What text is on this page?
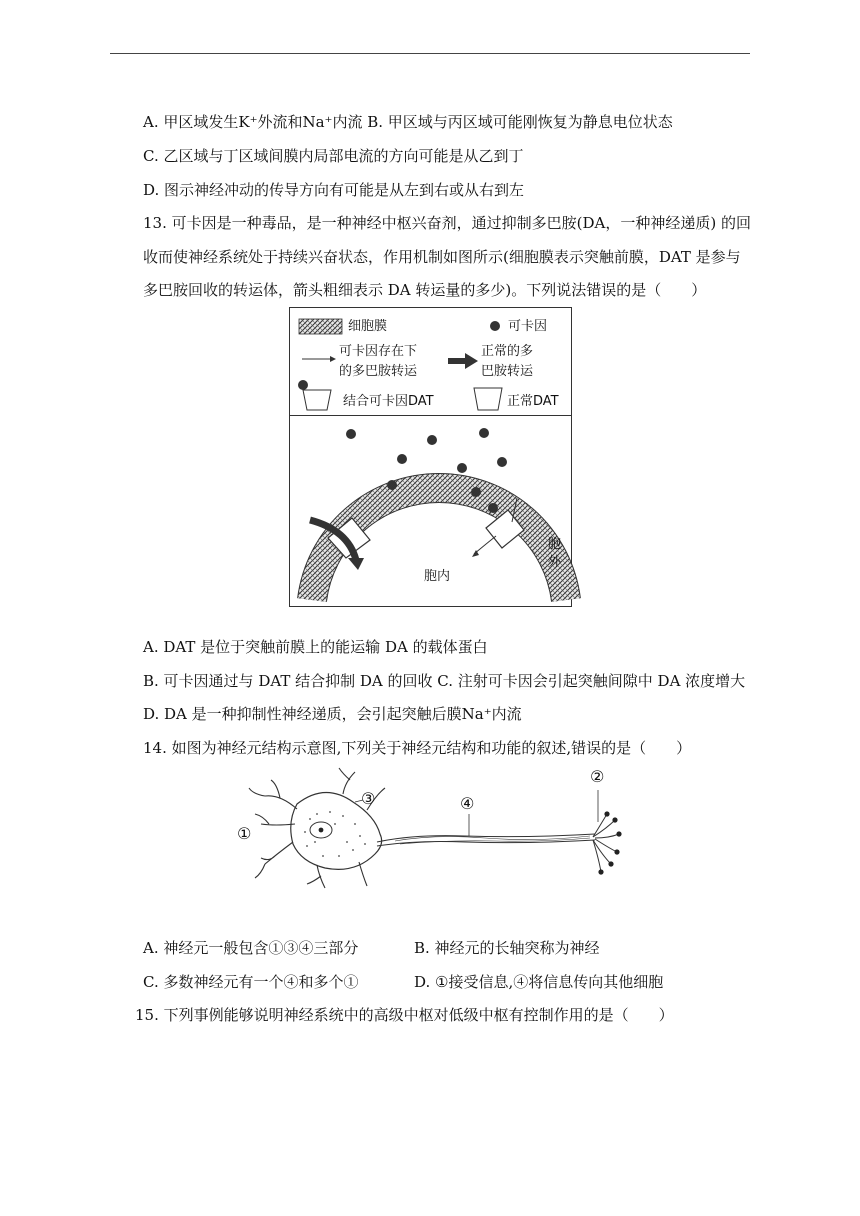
A. 甲区域发生K⁺外流和Na⁺内流 B. 甲区域与丙区域可能刚恢复为静息电位状态
C. 乙区域与丁区域间膜内局部电流的方向可能是从乙到丁
D. 图示神经冲动的传导方向有可能是从左到右或从右到左
13. 可卡因是一种毒品，是一种神经中枢兴奋剂，通过抑制多巴胺(DA，一种神经递质) 的回
收而使神经系统处于持续兴奋状态，作用机制如图所示(细胞膜表示突触前膜，DAT 是参与
多巴胺回收的转运体，箭头粗细表示 DA 转运量的多少)。下列说法错误的是（　　）
细胞膜	可卡因
可卡因存在下
的多巴胺转运
正常的多
巴胺转运
结合可卡因DAT	正常DAT
胞内
胞
外
A. DAT 是位于突触前膜上的能运输 DA 的载体蛋白
B. 可卡因通过与 DAT 结合抑制 DA 的回收 C. 注射可卡因会引起突触间隙中 DA 浓度增大
D. DA 是一种抑制性神经递质，会引起突触后膜Na⁺内流
14. 如图为神经元结构示意图,下列关于神经元结构和功能的叙述,错误的是（　　）
①
②
③	④
A. 神经元一般包含①③④三部分	B. 神经元的长轴突称为神经
C. 多数神经元有一个④和多个①	D. ①接受信息,④将信息传向其他细胞
15. 下列事例能够说明神经系统中的高级中枢对低级中枢有控制作用的是（　　）
